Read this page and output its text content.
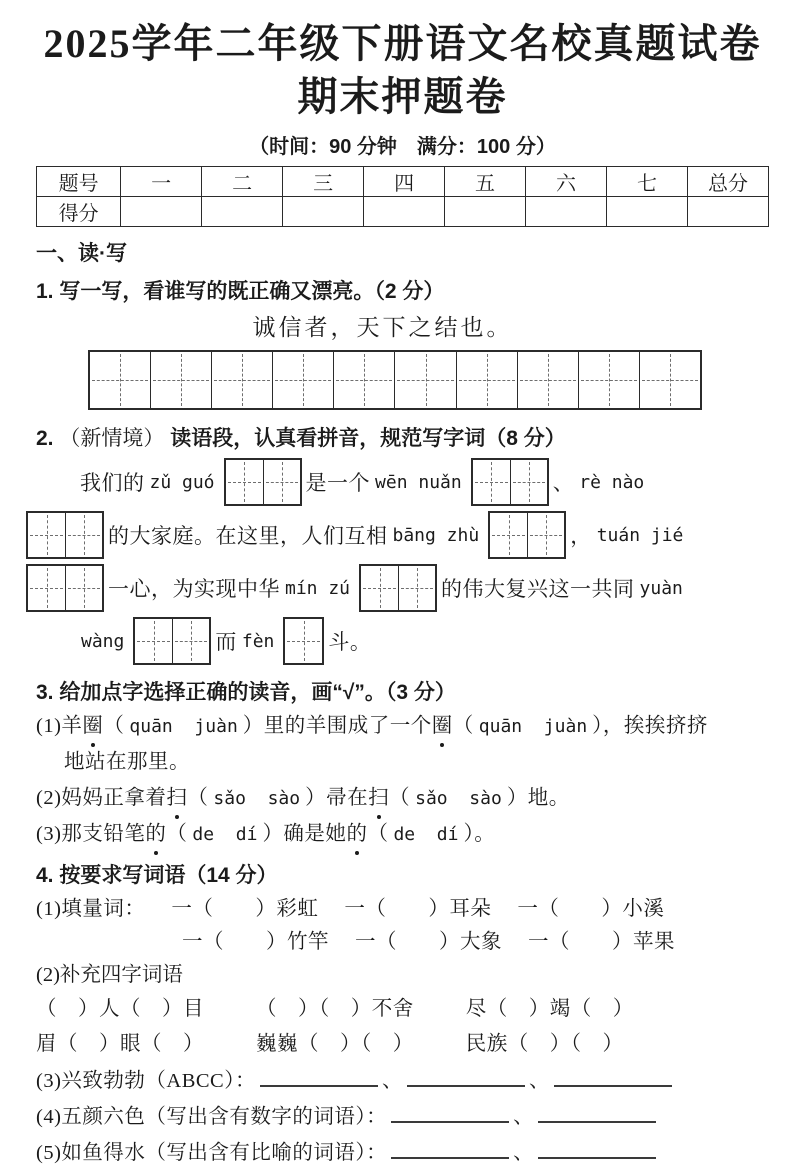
2025学年二年级下册语文名校真题试卷
期末押题卷
（时间：90 分钟　满分：100 分）
题号	一	二	三	四	五	六	七	总分
得分								
一、读·写
1. 写一写，看谁写的既正确又漂亮。（2 分）
诚信者，天下之结也。
2. （新情境） 读语段，认真看拼音，规范写字词（8 分）
我们的 zǔ guó	是一个 wēn nuǎn	、 rè nào
的大家庭。在这里，人们互相 bāng zhù	， tuán jié
一心，为实现中华 mín zú	的伟大复兴这一共同 yuàn
wàng	而 fèn	斗。
3. 给加点字选择正确的读音，画“√”。（3 分）
(1)羊圈（ quān  juàn ）里的羊围成了一个圈（ quān  juàn ），挨挨挤挤
地站在那里。
(2)妈妈正拿着扫（ sǎo  sào ）帚在扫（ sǎo  sào ）地。
(3)那支铅笔的（ de  dí ）确是她的（ de  dí ）。
4. 按要求写词语（14 分）
(1)填量词： 一（　　）彩虹 一（　　）耳朵 一（　　）小溪
一（　　）竹竿 一（　　）大象 一（　　）苹果
(2)补充四字词语
（　）人（　）目	（　）（　）不舍	尽（　）竭（　）
眉（　）眼（　）	巍巍（　）（　）	民族（　）（　）
(3)兴致勃勃（ABCC）：	、	、
(4)五颜六色（写出含有数字的词语）：	、
(5)如鱼得水（写出含有比喻的词语）：	、
